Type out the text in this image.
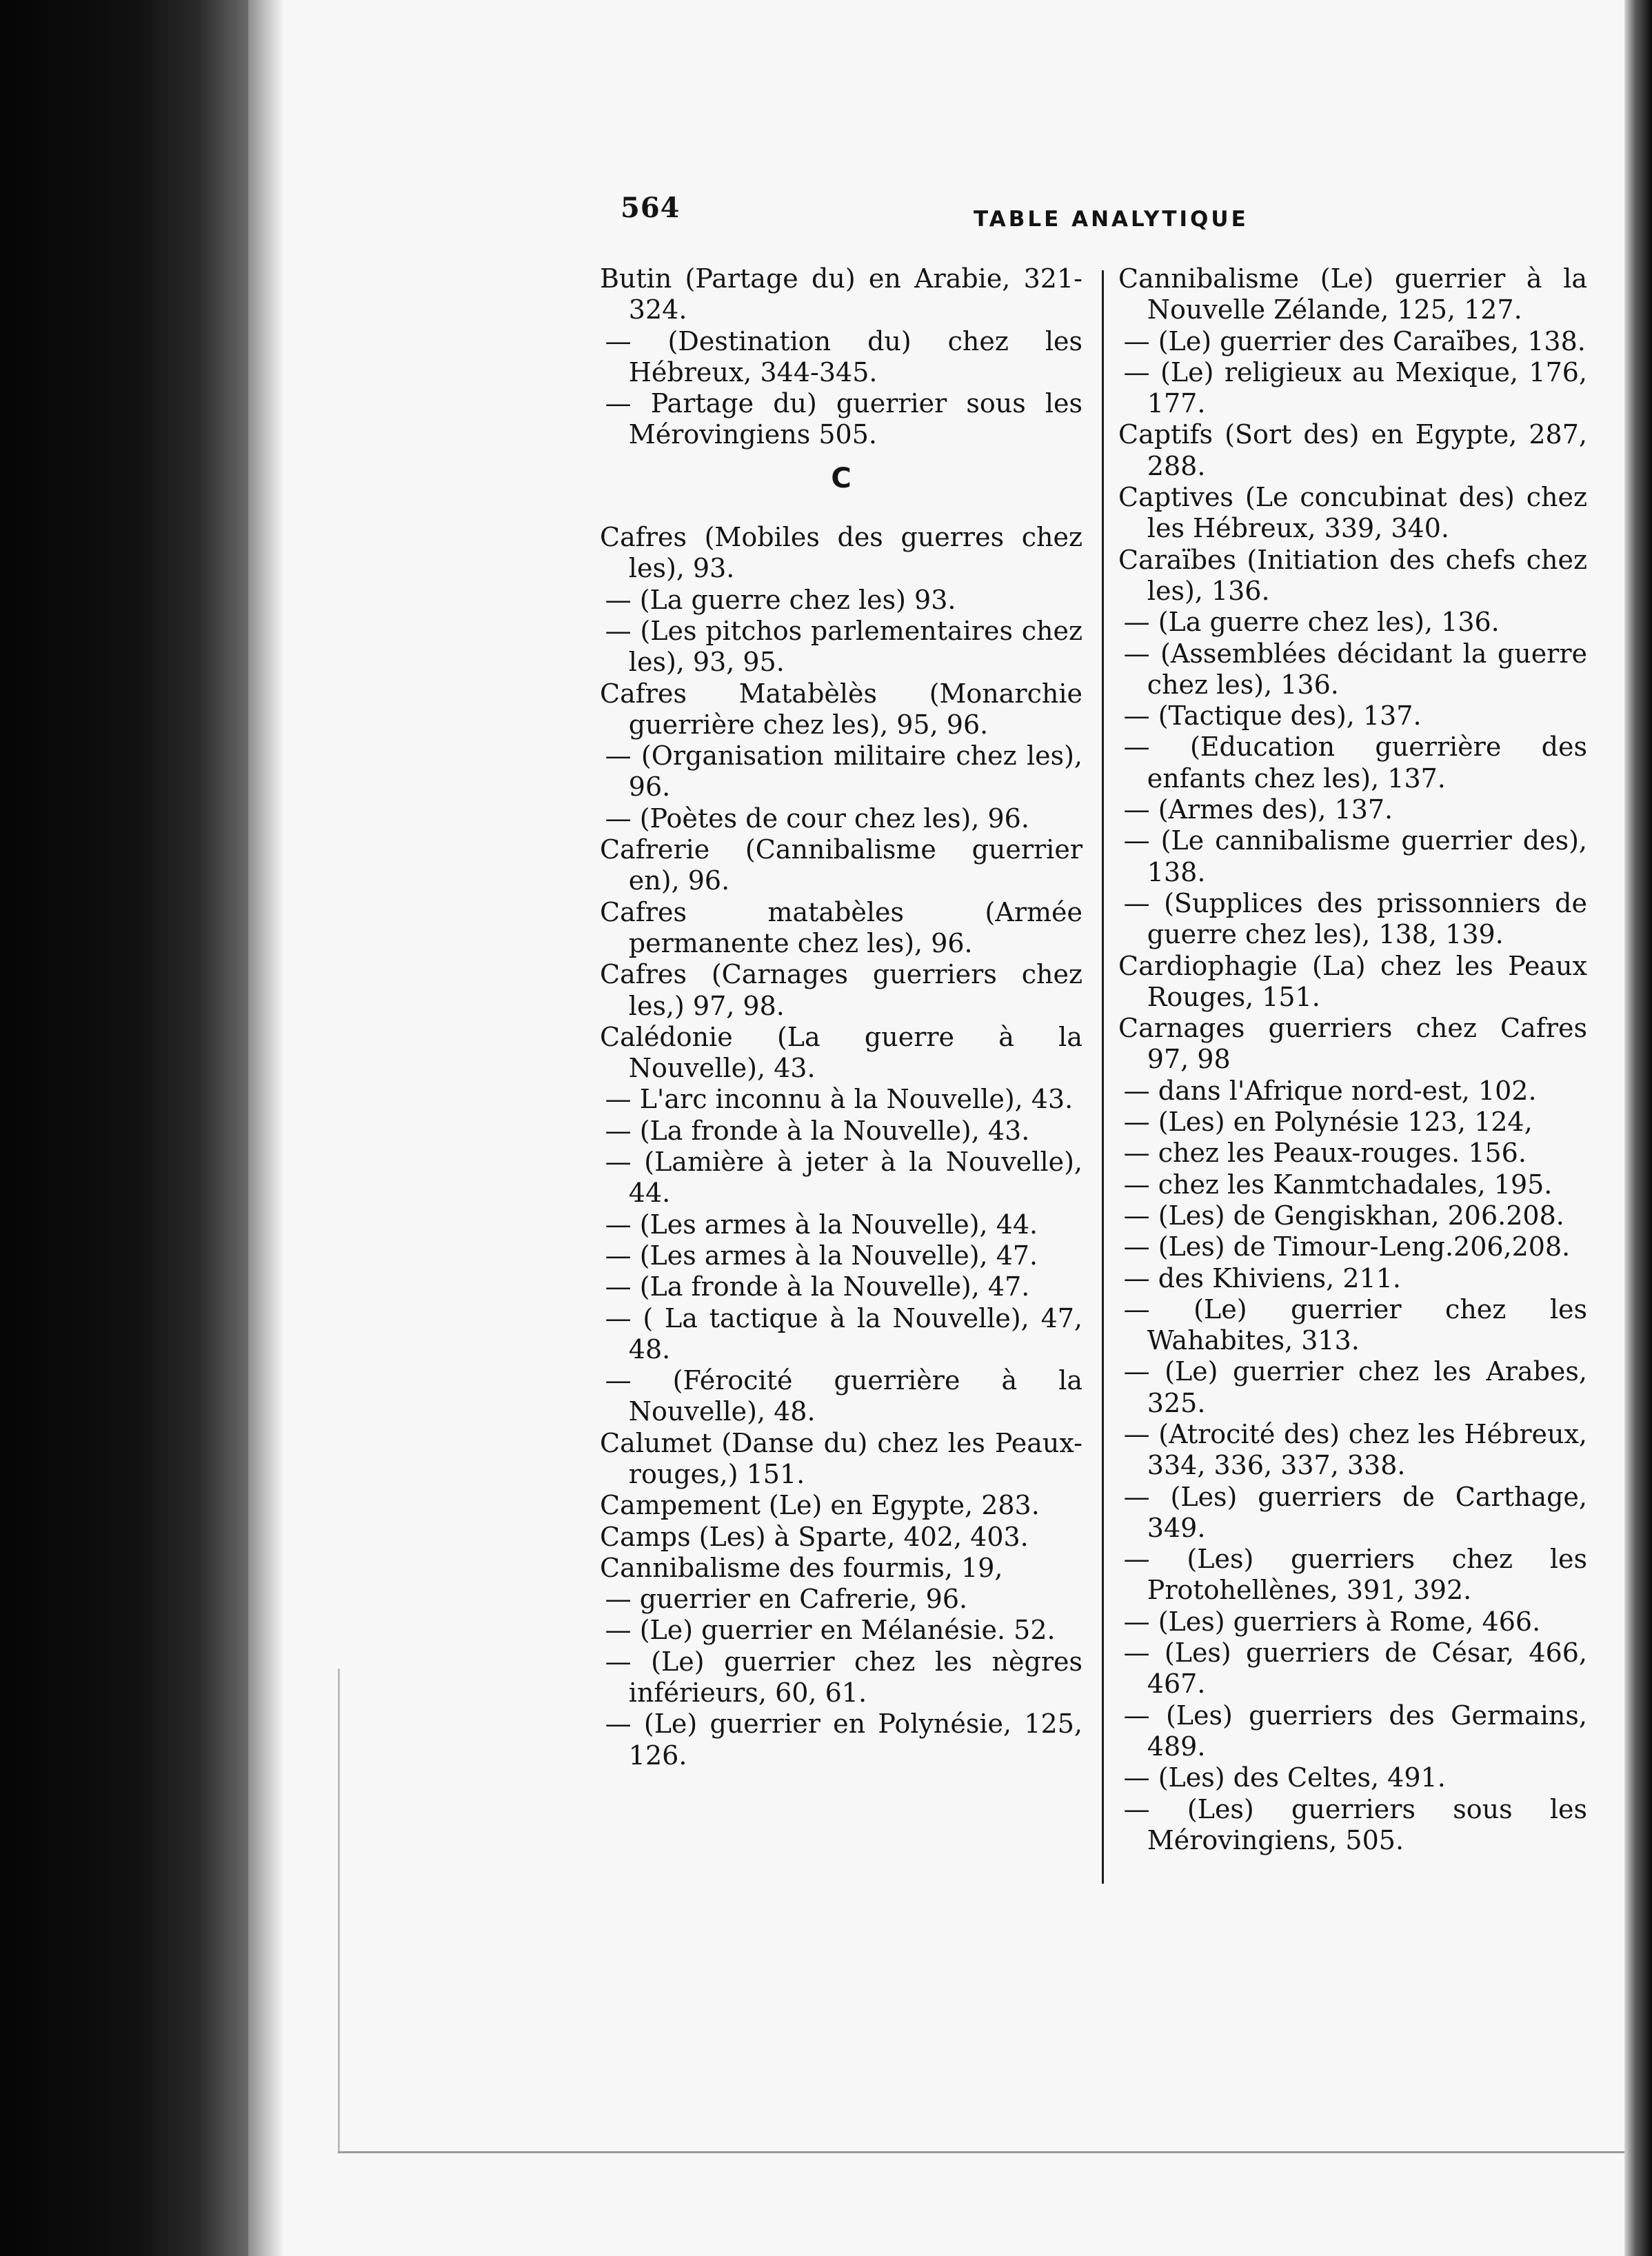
564	TABLE ANALYTIQUE

Butin (Partage du) en Arabie, 321-324.

— (Destination du) chez les Hébreux, 344-345.

— Partage du) guerrier sous les Mérovingiens 505.

C

Cafres (Mobiles des guerres chez les), 93.

— (La guerre chez les) 93.

— (Les pitchos parlementaires chez les), 93, 95.

Cafres Matabèlès (Monarchie guerrière chez les), 95, 96.

— (Organisation militaire chez les), 96.

— (Poètes de cour chez les), 96.

Cafrerie (Cannibalisme guerrier en), 96.

Cafres matabèles (Armée permanente chez les), 96.

Cafres (Carnages guerriers chez les,) 97, 98.

Calédonie (La guerre à la Nouvelle), 43.

— L'arc inconnu à la Nouvelle), 43.

— (La fronde à la Nouvelle), 43.

— (Lamière à jeter à la Nouvelle), 44.

— (Les armes à la Nouvelle), 44.

— (Les armes à la Nouvelle), 47.

— (La fronde à la Nouvelle), 47.

— ( La tactique à la Nouvelle), 47, 48.

— (Férocité guerrière à la Nouvelle), 48.

Calumet (Danse du) chez les Peaux-rouges,) 151.

Campement (Le) en Egypte, 283.

Camps (Les) à Sparte, 402, 403.

Cannibalisme des fourmis, 19,

— guerrier en Cafrerie, 96.

— (Le) guerrier en Mélanésie. 52.

— (Le) guerrier chez les nègres inférieurs, 60, 61.

— (Le) guerrier en Polynésie, 125, 126.

Cannibalisme (Le) guerrier à la Nouvelle Zélande, 125, 127.

— (Le) guerrier des Caraïbes, 138.

— (Le) religieux au Mexique, 176, 177.

Captifs (Sort des) en Egypte, 287, 288.

Captives (Le concubinat des) chez les Hébreux, 339, 340.

Caraïbes (Initiation des chefs chez les), 136.

— (La guerre chez les), 136.

— (Assemblées décidant la guerre chez les), 136.

— (Tactique des), 137.

— (Education guerrière des enfants chez les), 137.

— (Armes des), 137.

— (Le cannibalisme guerrier des), 138.

— (Supplices des prissonniers de guerre chez les), 138, 139.

Cardiophagie (La) chez les Peaux Rouges, 151.

Carnages guerriers chez Cafres 97, 98

— dans l'Afrique nord-est, 102.

— (Les) en Polynésie 123, 124,

— chez les Peaux-rouges. 156.

— chez les Kanmtchadales, 195.

— (Les) de Gengiskhan, 206.208.

— (Les) de Timour-Leng.206,208.

— des Khiviens, 211.

— (Le) guerrier chez les Wahabites, 313.

— (Le) guerrier chez les Arabes, 325.

— (Atrocité des) chez les Hébreux, 334, 336, 337, 338.

— (Les) guerriers de Carthage, 349.

— (Les) guerriers chez les Protohellènes, 391, 392.

— (Les) guerriers à Rome, 466.

— (Les) guerriers de César, 466, 467.

— (Les) guerriers des Germains, 489.

— (Les) des Celtes, 491.

— (Les) guerriers sous les Mérovingiens, 505.
